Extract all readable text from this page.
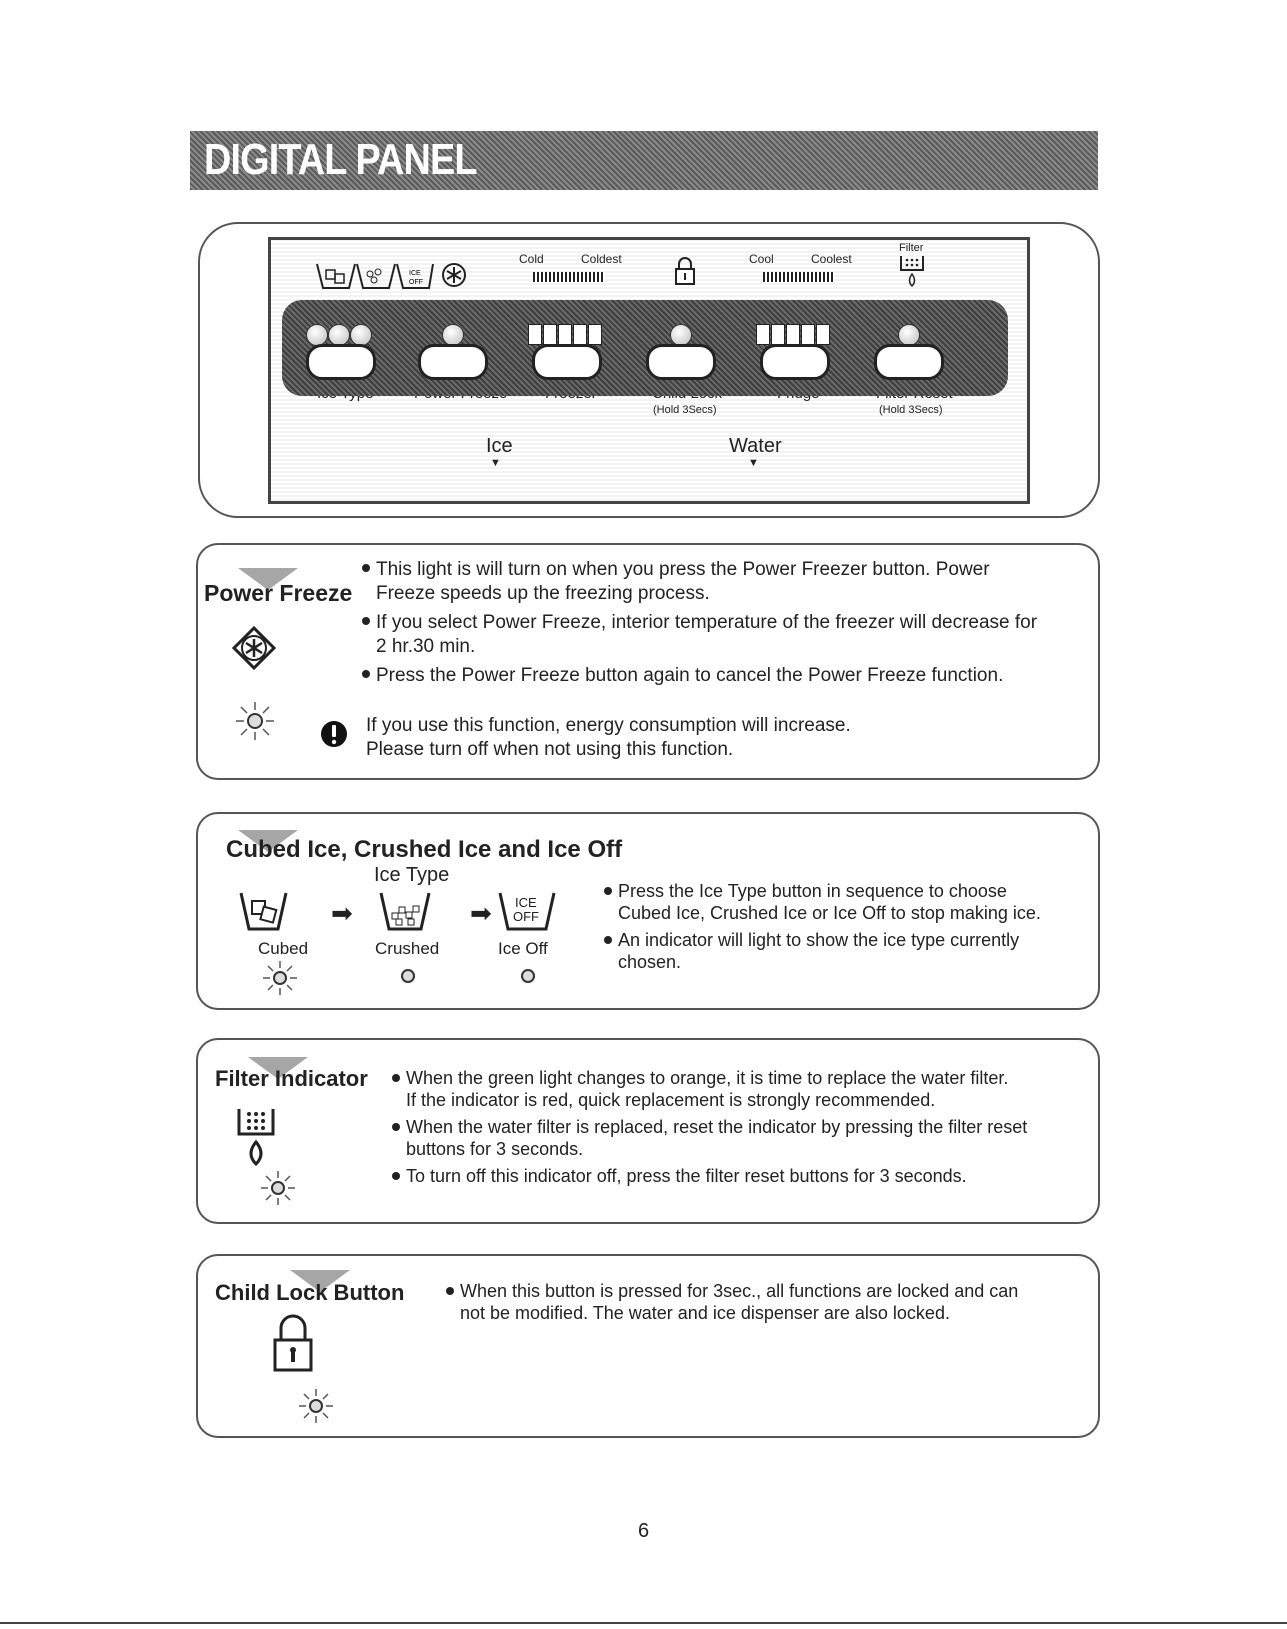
DIGITAL PANEL
ICE
OFF
Cold	Coldest	Cool	Coolest
Filter
(Hold 3Secs)	(Hold 3Secs)
Ice
▼
Water
▼
Power Freeze

This light is will turn on when you press the Power Freezer button. Power
Freeze speeds up the freezing process.

If you select Power Freeze, interior temperature of the freezer will decrease for
2 hr.30 min.

Press the Power Freeze button again to cancel the Power Freeze function.

If you use this function, energy consumption will increase.
Please turn off when not using this function.
Cubed Ice, Crushed Ice and Ice Off
Ice Type
➡	➡ ICE
OFF
Cubed	Crushed	Ice Off

Press the Ice Type button in sequence to choose
Cubed Ice, Crushed Ice or Ice Off to stop making ice.

An indicator will light to show the ice type currently
chosen.

Filter Indicator	When the green light changes to orange, it is time to replace the water filter.
If the indicator is red, quick replacement is strongly recommended.

When the water filter is replaced, reset the indicator by pressing the filter reset
buttons for 3 seconds.

To turn off this indicator off, press the filter reset buttons for 3 seconds.

Child Lock Button	When this button is pressed for 3sec., all functions are locked and can
not be modified. The water and ice dispenser are also locked.

6
